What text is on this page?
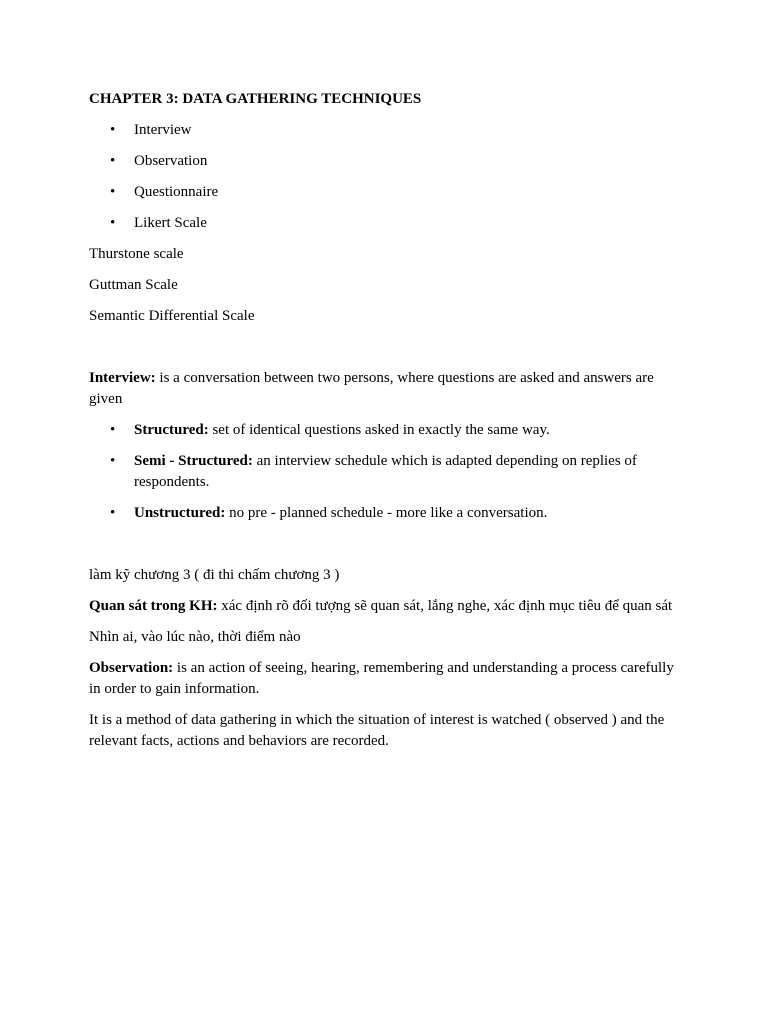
CHAPTER 3: DATA GATHERING TECHNIQUES
• Interview
• Observation
• Questionnaire
• Likert Scale

Thurstone scale

Guttman Scale

Semantic Differential Scale

Interview: is a conversation between two persons, where questions are asked and answers are given

• Structured: set of identical questions asked in exactly the same way.
• Semi - Structured: an interview schedule which is adapted depending on replies of respondents.
• Unstructured: no pre - planned schedule - more like a conversation.

làm kỹ chương 3 ( đi thi chấm chương 3 )

Quan sát trong KH: xác định rõ đối tượng sẽ quan sát, lắng nghe, xác định mục tiêu để quan sát

Nhìn ai, vào lúc nào, thời điểm nào

Observation: is an action of seeing, hearing, remembering and understanding a process carefully in order to gain information.

It is a method of data gathering in which the situation of interest is watched ( observed ) and the relevant facts, actions and behaviors are recorded.
